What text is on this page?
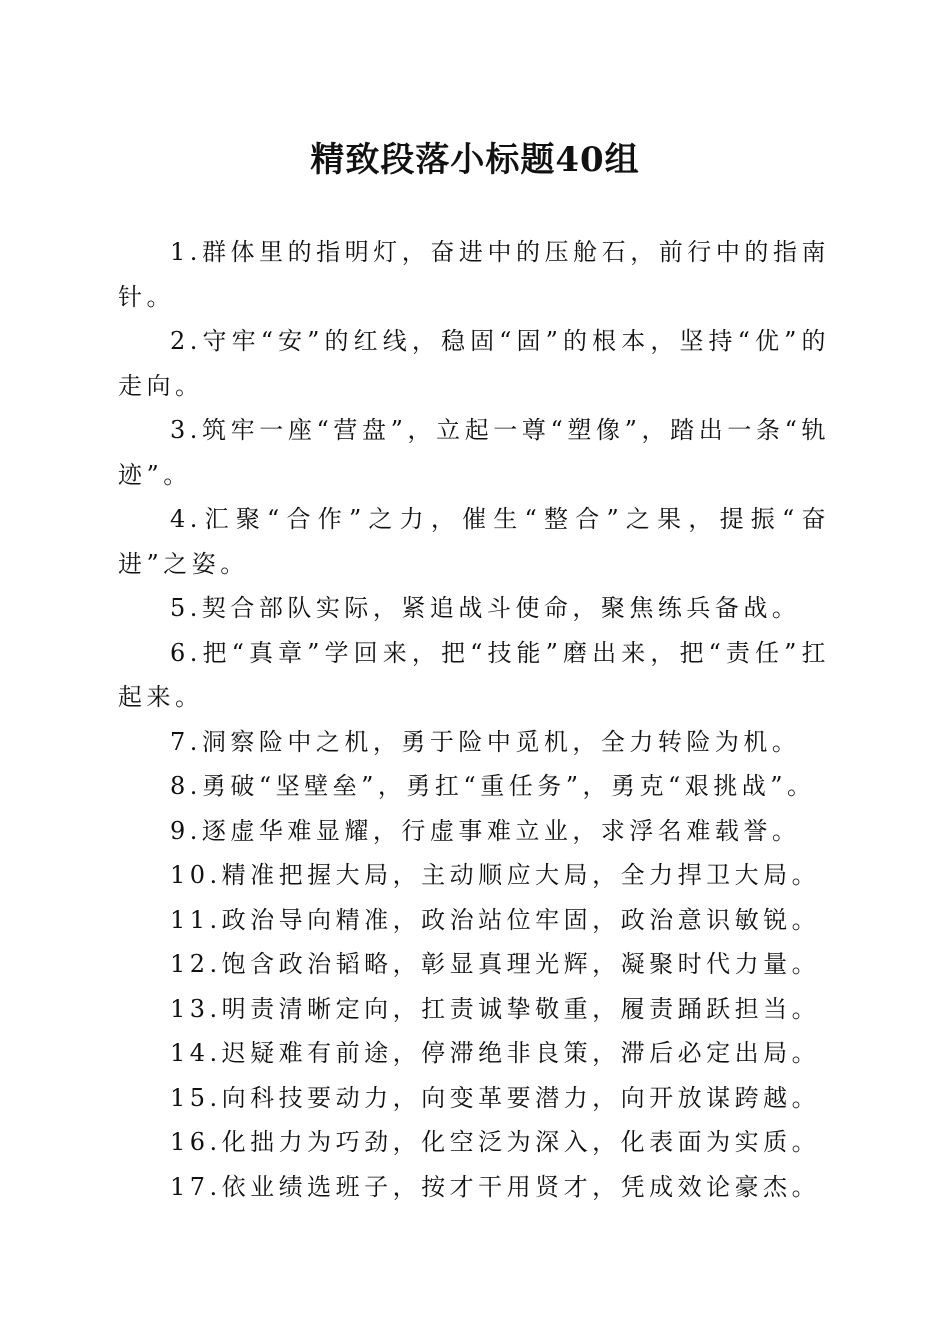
精致段落小标题40组

1.群体里的指明灯，奋进中的压舱石，前行中的指南针。

2.守牢“安”的红线，稳固“固”的根本，坚持“优”的走向。

3.筑牢一座“营盘”，立起一尊“塑像”，踏出一条“轨迹”。

4.汇聚“合作”之力，催生“整合”之果，提振“奋进”之姿。

5.契合部队实际，紧追战斗使命，聚焦练兵备战。

6.把“真章”学回来，把“技能”磨出来，把“责任”扛起来。

7.洞察险中之机，勇于险中觅机，全力转险为机。

8.勇破“坚壁垒”，勇扛“重任务”，勇克“艰挑战”。

9.逐虚华难显耀，行虚事难立业，求浮名难载誉。

10.精准把握大局，主动顺应大局，全力捍卫大局。

11.政治导向精准，政治站位牢固，政治意识敏锐。

12.饱含政治韬略，彰显真理光辉，凝聚时代力量。

13.明责清晰定向，扛责诚挚敬重，履责踊跃担当。

14.迟疑难有前途，停滞绝非良策，滞后必定出局。

15.向科技要动力，向变革要潜力，向开放谋跨越。

16.化拙力为巧劲，化空泛为深入，化表面为实质。

17.依业绩选班子，按才干用贤才，凭成效论豪杰。
